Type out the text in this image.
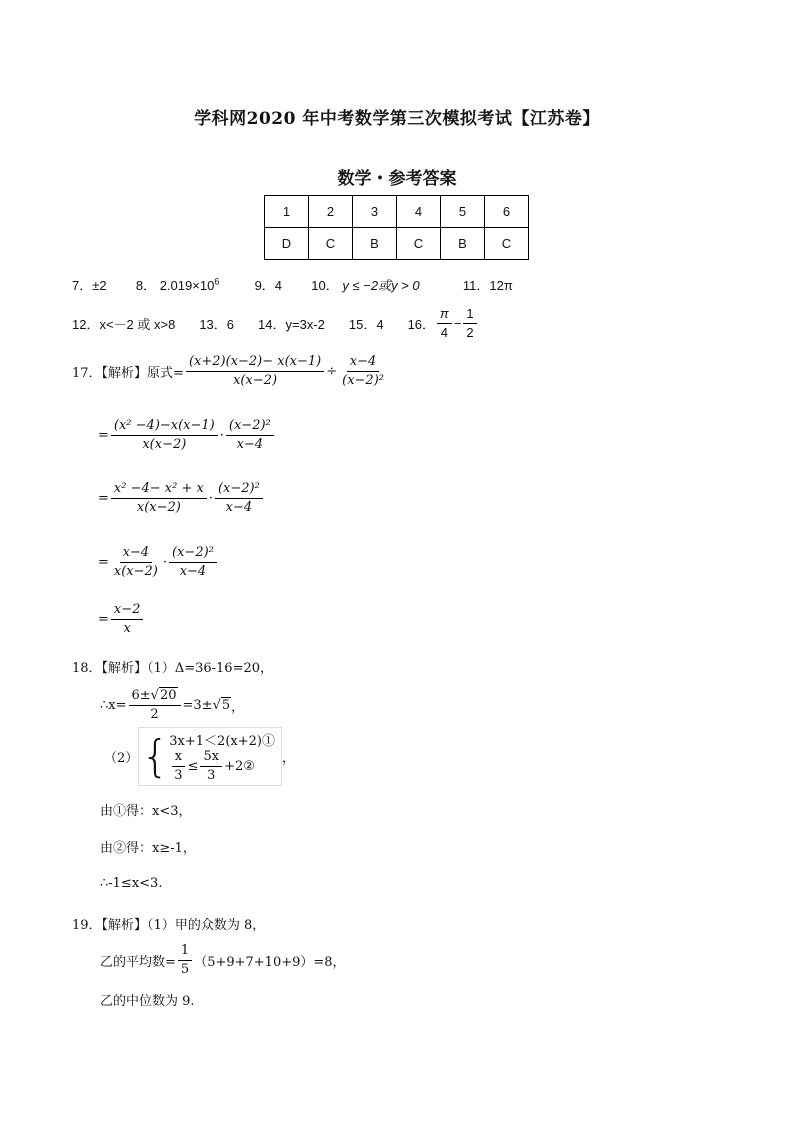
学科网2020 年中考数学第三次模拟考试【江苏卷】
数学・参考答案
1	2	3	4	5	6
D	C	B	C	B	C
7．±2 8． $2.019\times 10^6$	9．4 10． y ≤ −2或y > 0	11．12π
12．x<－2 或 x>8 13．6 14．y=3x-2 15．4 16． $\frac{\pi}{4} - \frac{1}{2}$
17．【解析】原式= $\frac{(x+2)(x-2)- x(x-1)}{x(x-2)} \div \frac{x-4}{\text{(x−2)²}}$
= $\frac{\text{(x² −4)−x(x−1)}}{x(x-2)} \cdot \frac{\text{(x−2)²}}{x-4}$
= $\frac{\text{x² −4− x² + x}}{x(x-2)} \cdot \frac{\text{(x−2)²}}{x-4}$
= $\frac{x-4}{x(x-2)} \cdot \frac{\text{(x−2)²}}{x-4}$
= $\frac{x-2}{x}$
18．【解析】（1）Δ=36-16=20，
∴x= $\frac{6\pm√20}{2} =3\pm$ √ 5 ，
（2） { 3x+1＜2(x+2)①
$\frac{x}{3} \le \frac{5x}{3}$ +2② ，
由①得：x<3，
由②得：x≥-1，
∴-1≤x<3.
19．【解析】（1）甲的众数为 8，
乙的平均数= $\frac{1}{5} (5+9+7+10+9)=8$，
乙的中位数为 9.
